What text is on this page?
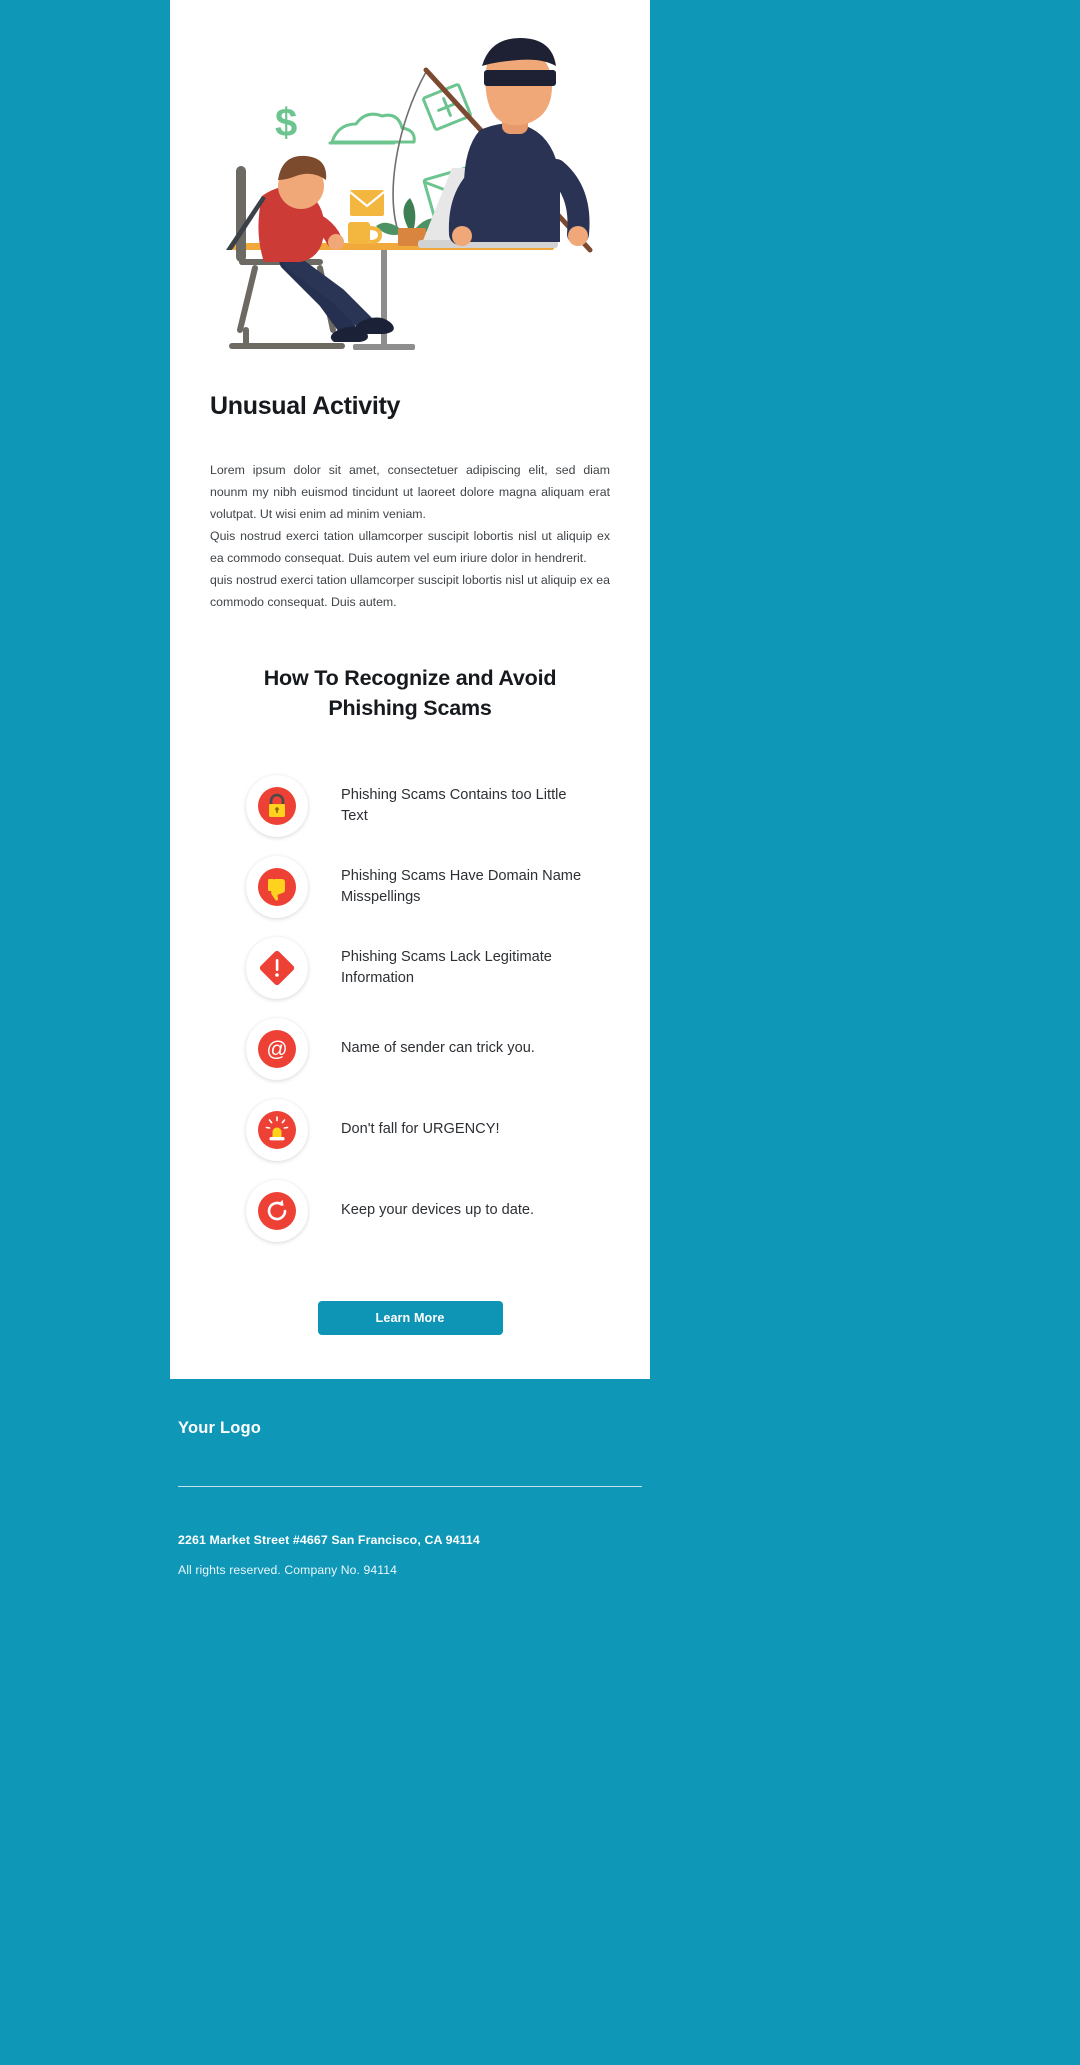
$
Unusual Activity

Lorem ipsum dolor sit amet, consectetuer adipiscing elit, sed diam nounm my nibh euismod tincidunt ut laoreet dolore magna aliquam erat volutpat. Ut wisi enim ad minim veniam.

Quis nostrud exerci tation ullamcorper suscipit lobortis nisl ut aliquip ex ea commodo consequat. Duis autem vel eum iriure dolor in hendrerit.

quis nostrud exerci tation ullamcorper suscipit lobortis nisl ut aliquip ex ea commodo consequat. Duis autem.

How To Recognize and Avoid
Phishing Scams
Phishing Scams Contains too Little Text
Phishing Scams Have Domain Name Misspellings
Phishing Scams Lack Legitimate Information
@	Name of sender can trick you.
Don't fall for URGENCY!
Keep your devices up to date.
Learn More
Your Logo
2261 Market Street #4667 San Francisco, CA 94114
All rights reserved. Company No. 94114
